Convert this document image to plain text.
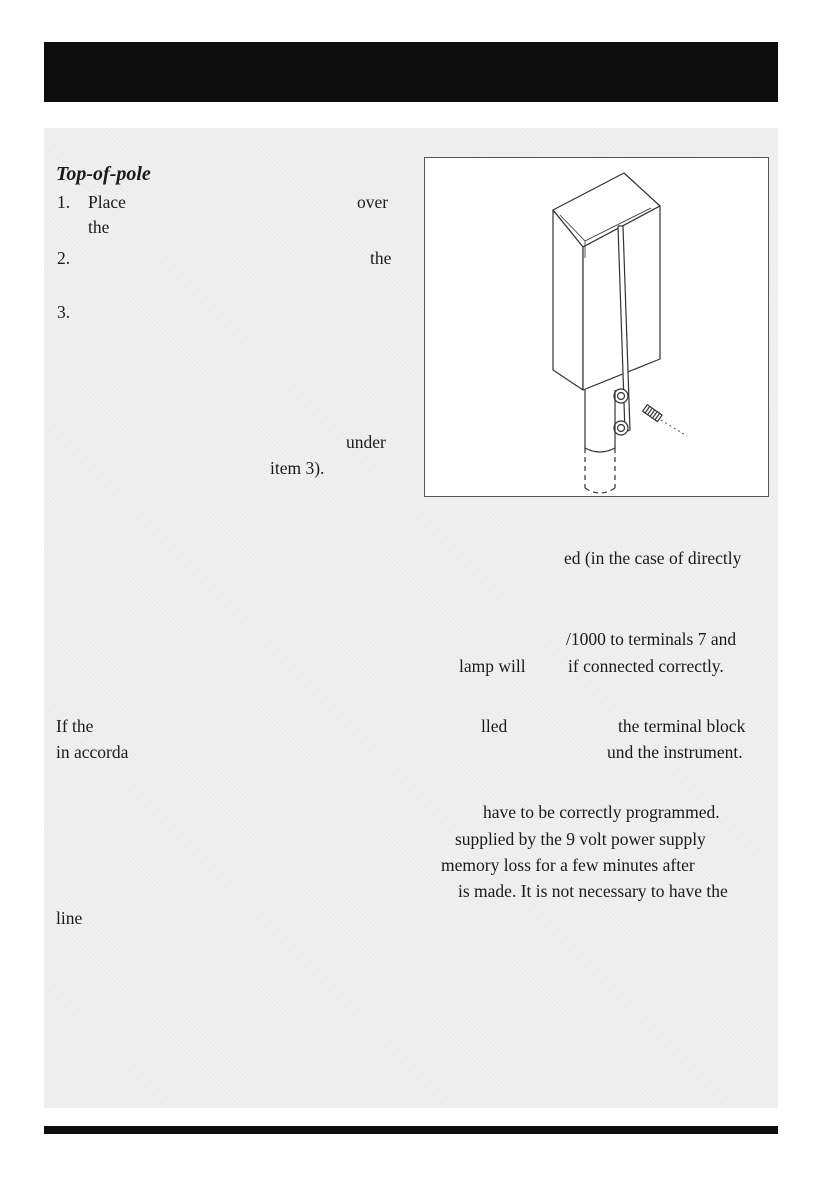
Top-of-pole
1. Place	over
the
2.	the
3.
under
item 3).
ed (in the case of directly
/1000 to terminals 7 and
lamp will if connected correctly.
If the	lled	the terminal block
in accorda	und the instrument.
have to be correctly programmed.
supplied by the 9 volt power supply
memory loss for a few minutes after
is made. It is not necessary to have the
line
